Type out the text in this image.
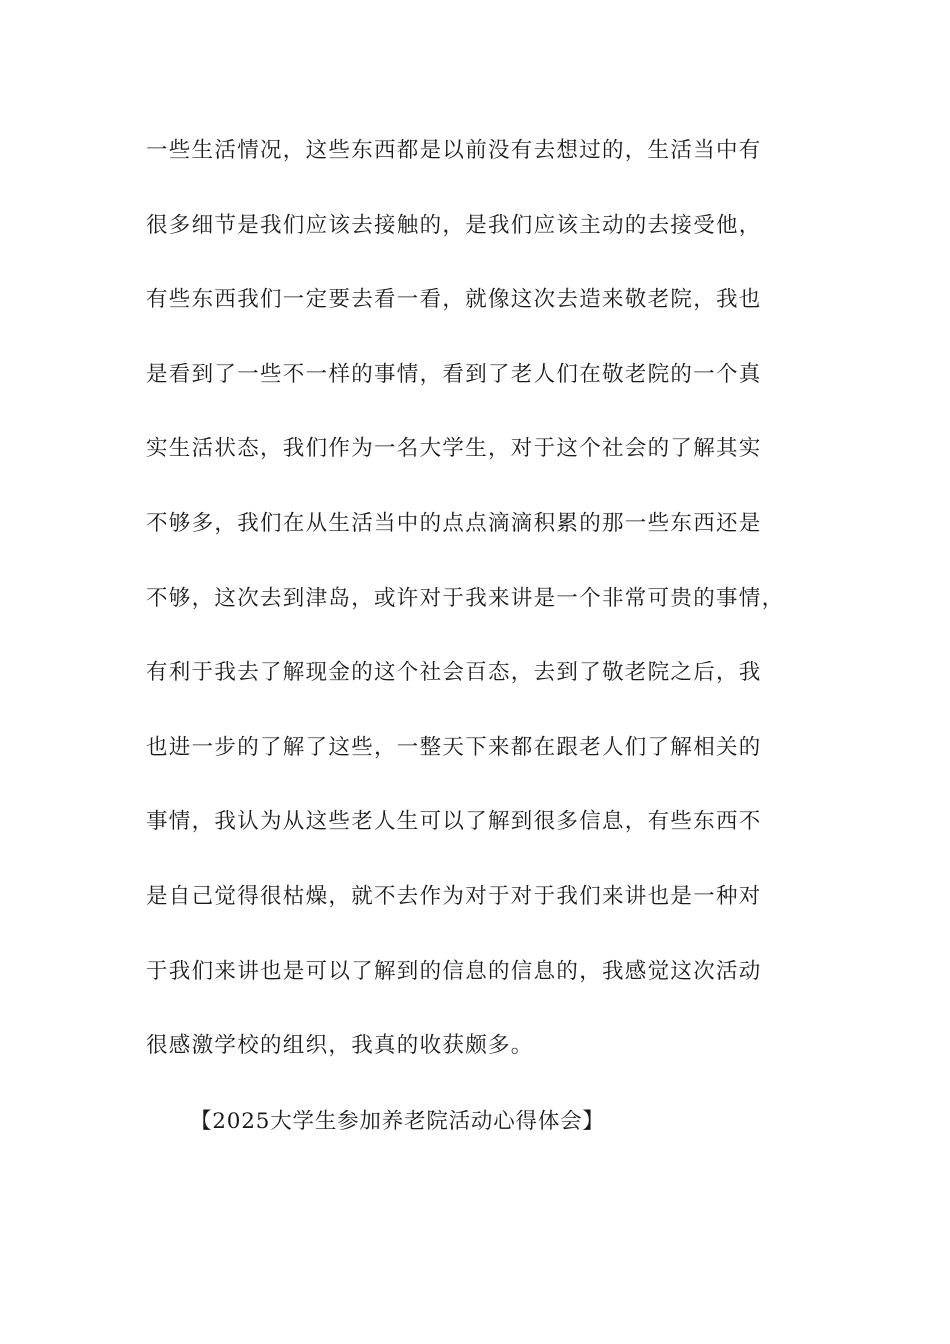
一些生活情况，这些东西都是以前没有去想过的，生活当中有
很多细节是我们应该去接触的，是我们应该主动的去接受他，
有些东西我们一定要去看一看，就像这次去造来敬老院，我也
是看到了一些不一样的事情，看到了老人们在敬老院的一个真
实生活状态，我们作为一名大学生，对于这个社会的了解其实
不够多，我们在从生活当中的点点滴滴积累的那一些东西还是
不够，这次去到津岛，或许对于我来讲是一个非常可贵的事情，
有利于我去了解现金的这个社会百态，去到了敬老院之后，我
也进一步的了解了这些，一整天下来都在跟老人们了解相关的
事情，我认为从这些老人生可以了解到很多信息，有些东西不
是自己觉得很枯燥，就不去作为对于对于我们来讲也是一种对
于我们来讲也是可以了解到的信息的信息的，我感觉这次活动
很感激学校的组织，我真的收获颇多。
【2025大学生参加养老院活动心得体会】
